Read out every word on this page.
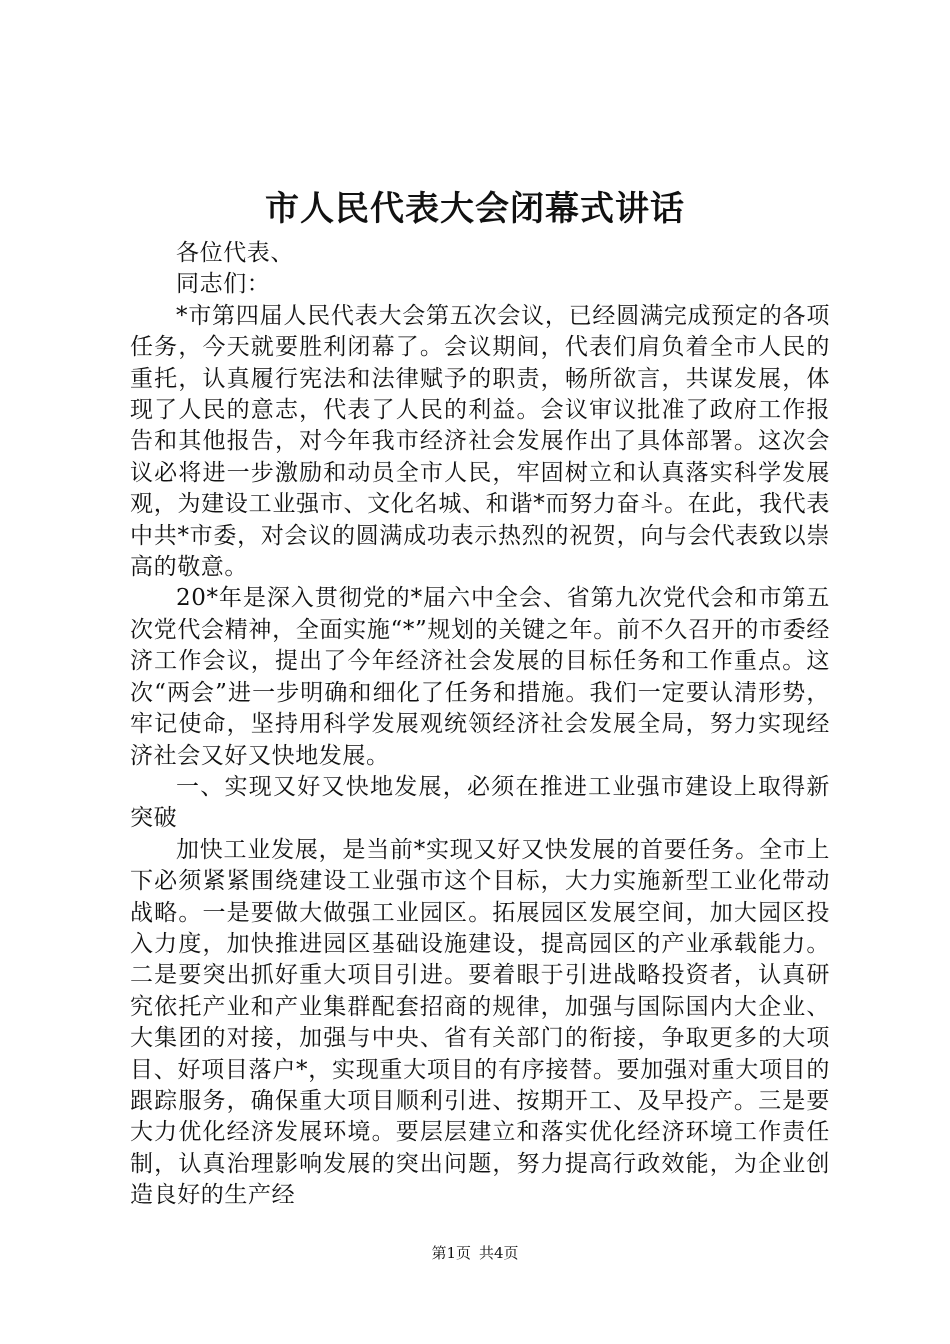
市人民代表大会闭幕式讲话

各位代表、

同志们：

*市第四届人民代表大会第五次会议，已经圆满完成预定的各项任务，今天就要胜利闭幕了。会议期间，代表们肩负着全市人民的重托，认真履行宪法和法律赋予的职责，畅所欲言，共谋发展，体现了人民的意志，代表了人民的利益。会议审议批准了政府工作报告和其他报告，对今年我市经济社会发展作出了具体部署。这次会议必将进一步激励和动员全市人民，牢固树立和认真落实科学发展观，为建设工业强市、文化名城、和谐*而努力奋斗。在此，我代表中共*市委，对会议的圆满成功表示热烈的祝贺，向与会代表致以崇高的敬意。

20*年是深入贯彻党的*届六中全会、省第九次党代会和市第五次党代会精神，全面实施“*”规划的关键之年。前不久召开的市委经济工作会议，提出了今年经济社会发展的目标任务和工作重点。这次“两会”进一步明确和细化了任务和措施。我们一定要认清形势，牢记使命，坚持用科学发展观统领经济社会发展全局，努力实现经济社会又好又快地发展。

一、实现又好又快地发展，必须在推进工业强市建设上取得新突破

加快工业发展，是当前*实现又好又快发展的首要任务。全市上下必须紧紧围绕建设工业强市这个目标，大力实施新型工业化带动战略。一是要做大做强工业园区。拓展园区发展空间，加大园区投入力度，加快推进园区基础设施建设，提高园区的产业承载能力。二是要突出抓好重大项目引进。要着眼于引进战略投资者，认真研究依托产业和产业集群配套招商的规律，加强与国际国内大企业、大集团的对接，加强与中央、省有关部门的衔接，争取更多的大项目、好项目落户*，实现重大项目的有序接替。要加强对重大项目的跟踪服务，确保重大项目顺利引进、按期开工、及早投产。三是要大力优化经济发展环境。要层层建立和落实优化经济环境工作责任制，认真治理影响发展的突出问题，努力提高行政效能，为企业创造良好的生产经

第1页 共4页
